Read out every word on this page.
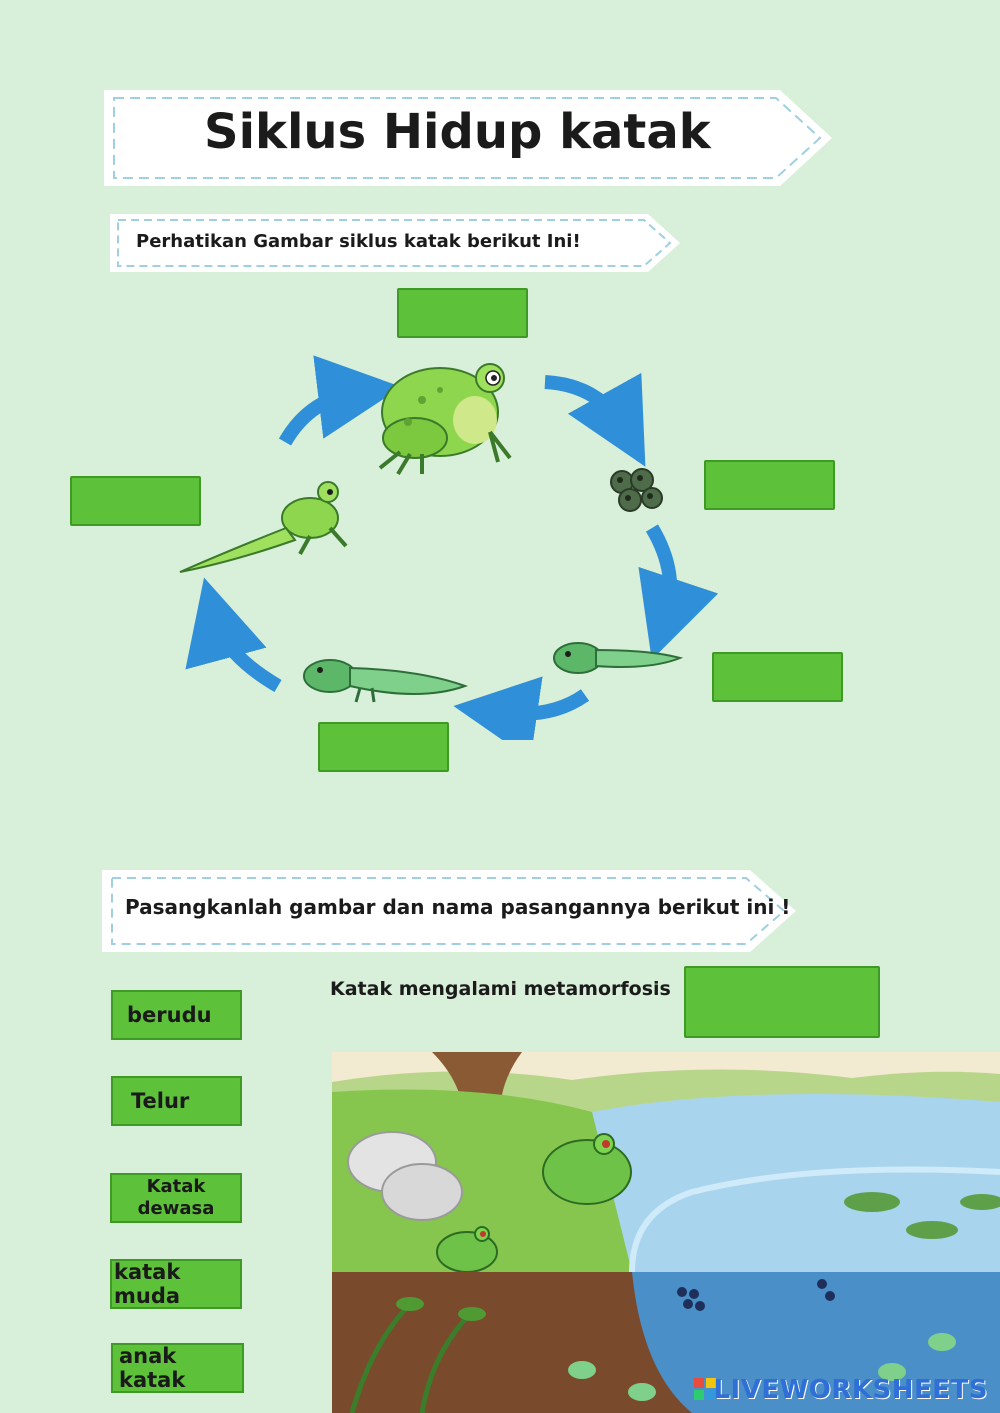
Siklus Hidup katak
Perhatikan Gambar siklus katak berikut Ini!
Pasangkanlah gambar dan nama pasangannya berikut ini !
Katak mengalami metamorfosis
berudu
Telur
Katak dewasa
katak muda
anak katak	LIVEWORKSHEETS
